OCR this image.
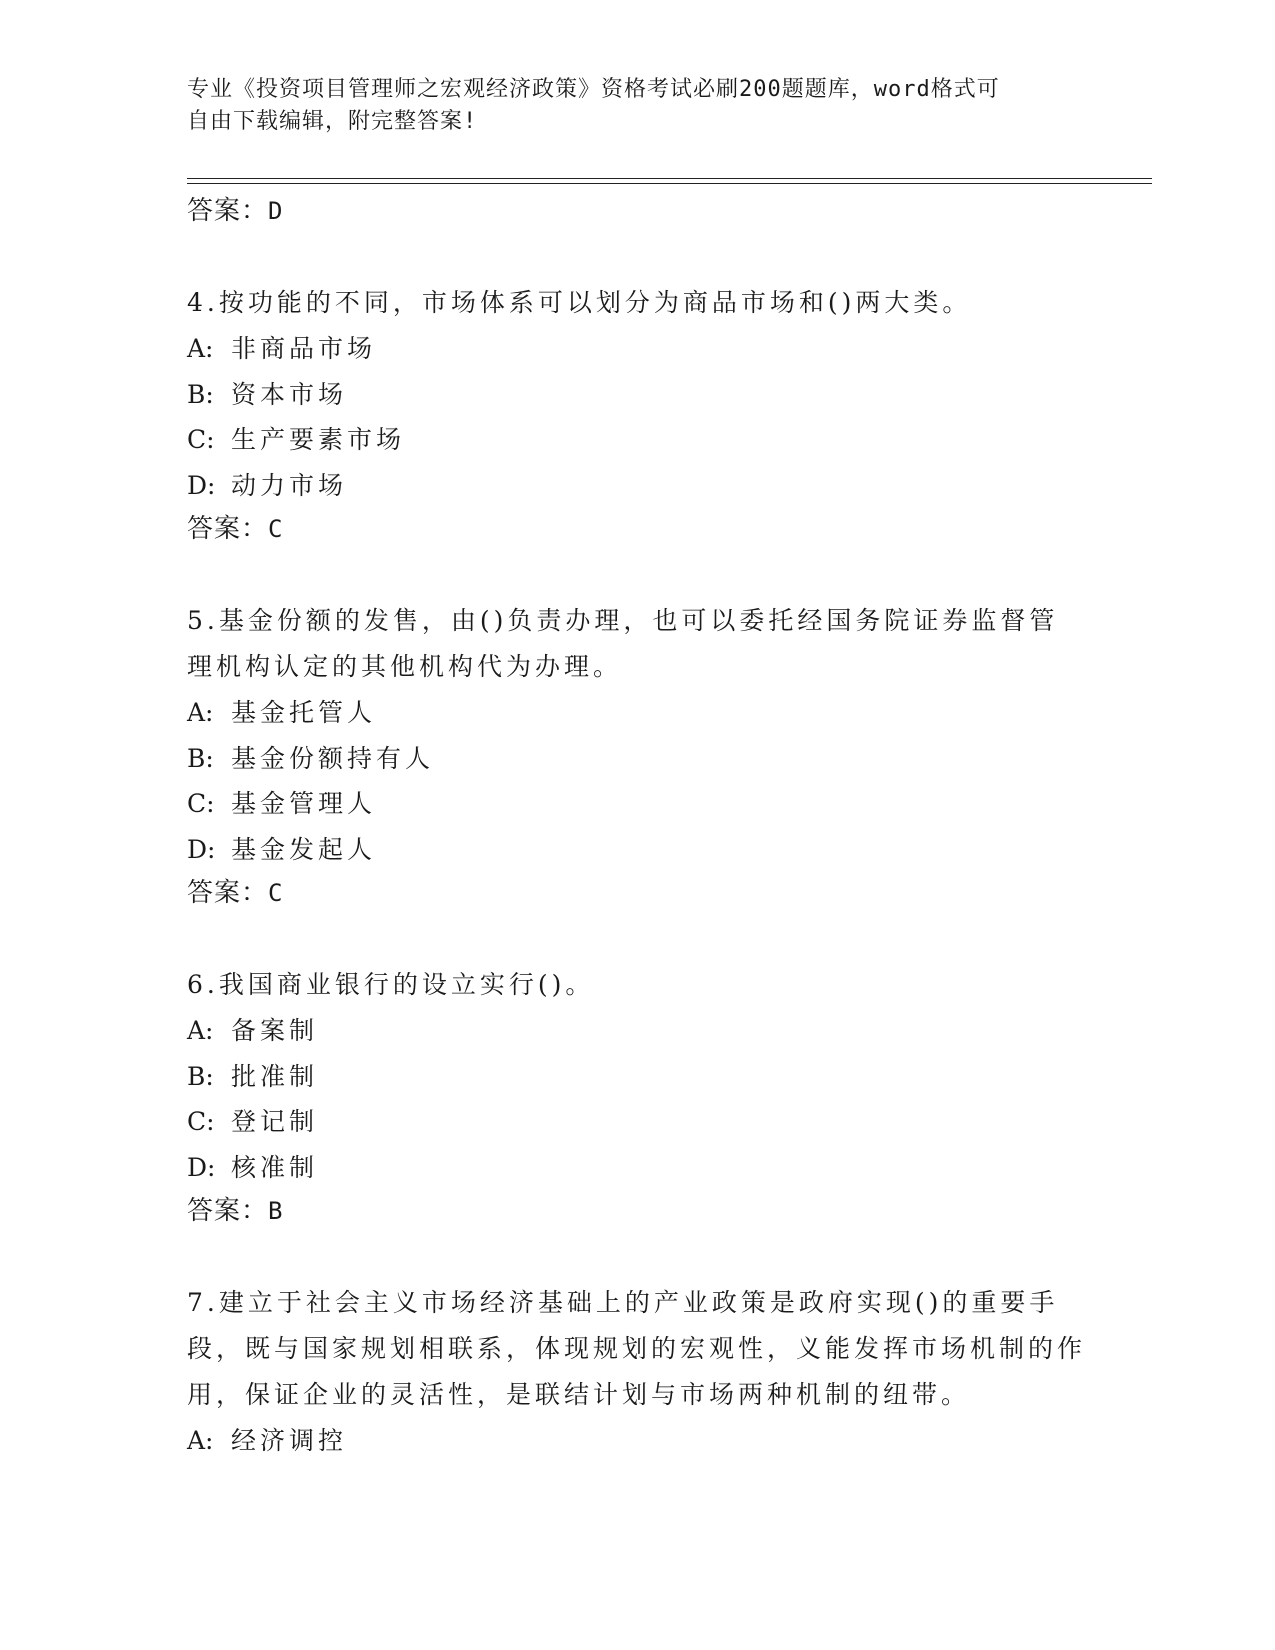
专业《投资项目管理师之宏观经济政策》资格考试必刷200题题库，word格式可
自由下载编辑，附完整答案!
答案：D
4.按功能的不同，市场体系可以划分为商品市场和()两大类。
A: 非商品市场
B: 资本市场
C: 生产要素市场
D: 动力市场
答案：C
5.基金份额的发售，由()负责办理，也可以委托经国务院证券监督管理机构认定的其他机构代为办理。
A: 基金托管人
B: 基金份额持有人
C: 基金管理人
D: 基金发起人
答案：C
6.我国商业银行的设立实行()。
A: 备案制
B: 批准制
C: 登记制
D: 核准制
答案：B
7.建立于社会主义市场经济基础上的产业政策是政府实现()的重要手段，既与国家规划相联系，体现规划的宏观性，义能发挥市场机制的作用，保证企业的灵活性，是联结计划与市场两种机制的纽带。
A: 经济调控
